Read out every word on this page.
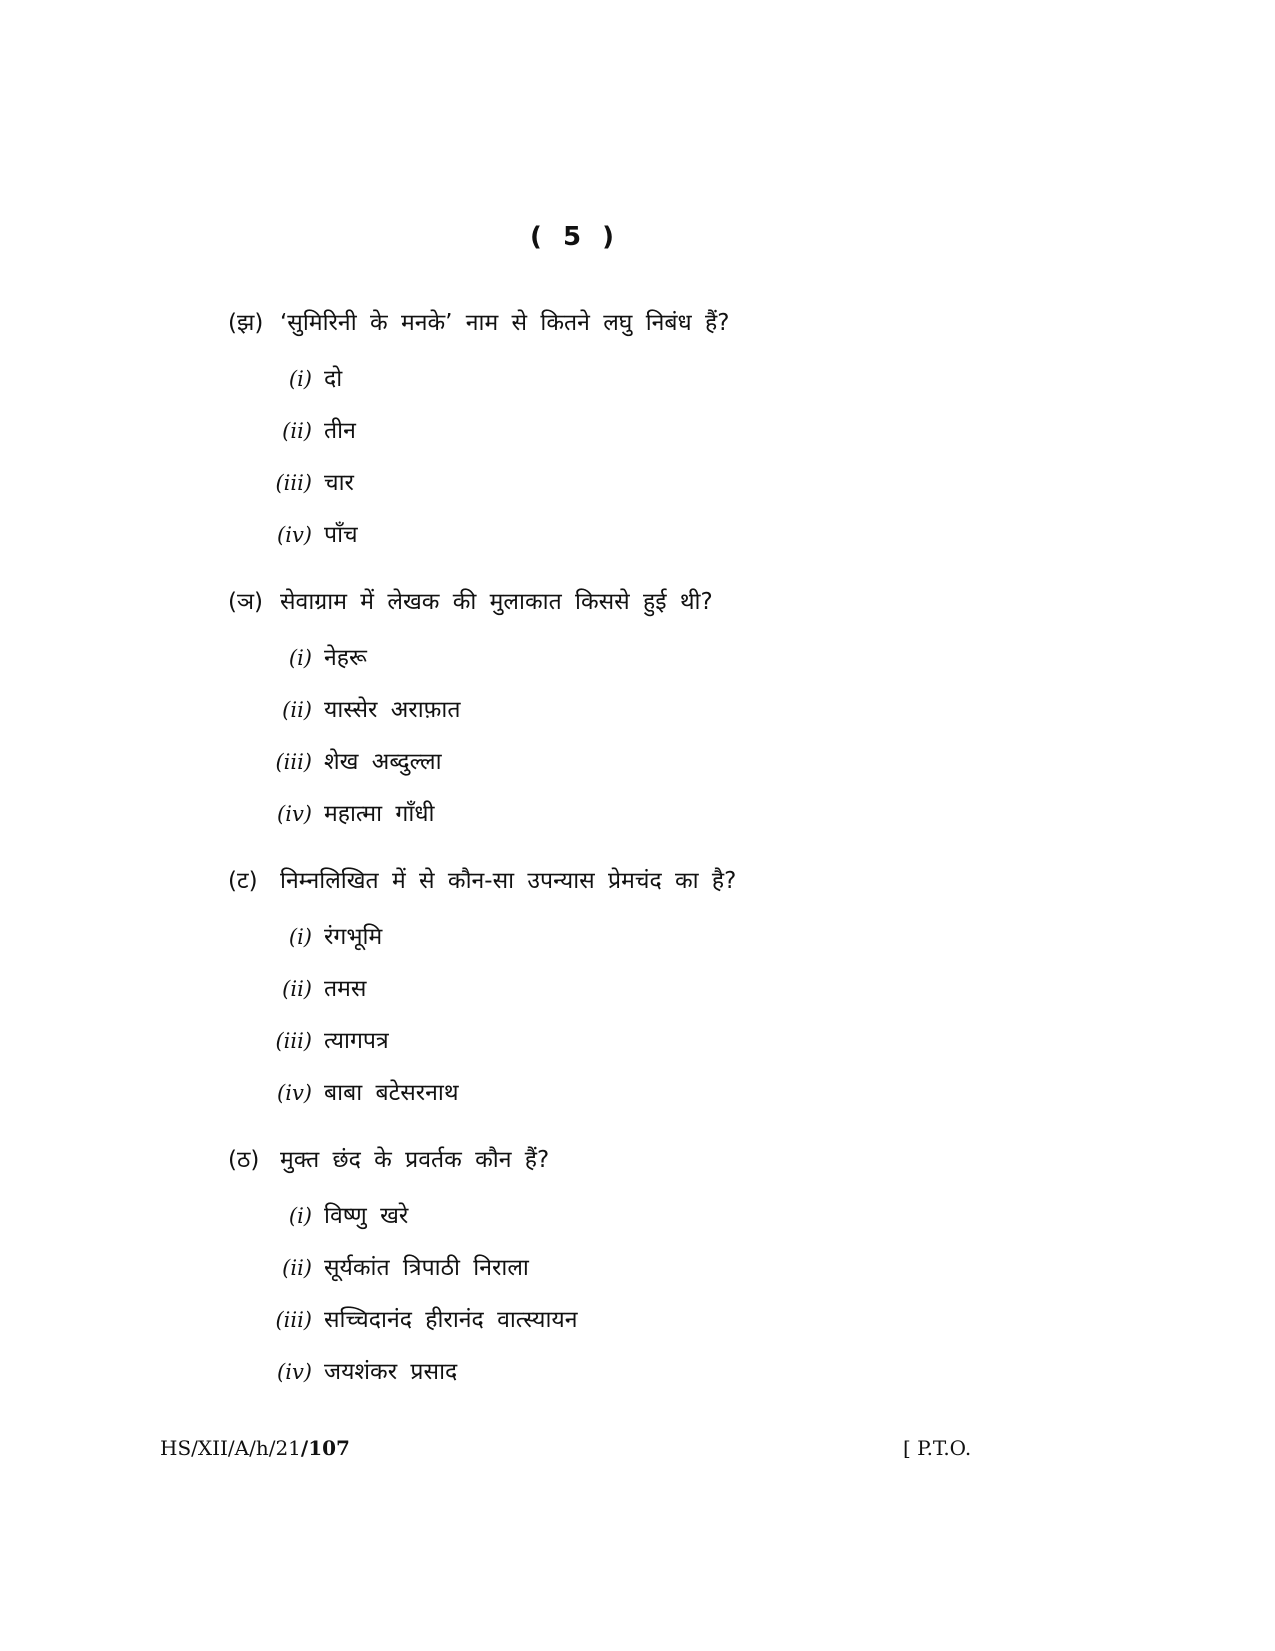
( 5 )
(झ) ‘सुमिरिनी के मनके’ नाम से कितने लघु निबंध हैं?
(i) दो
(ii) तीन
(iii) चार
(iv) पाँच
(ञ) सेवाग्राम में लेखक की मुलाकात किससे हुई थी?
(i) नेहरू
(ii) यास्सेर अराफ़ात
(iii) शेख अब्दुल्ला
(iv) महात्मा गाँधी
(ट) निम्नलिखित में से कौन-सा उपन्यास प्रेमचंद का है?
(i) रंगभूमि
(ii) तमस
(iii) त्यागपत्र
(iv) बाबा बटेसरनाथ
(ठ) मुक्त छंद के प्रवर्तक कौन हैं?
(i) विष्णु खरे
(ii) सूर्यकांत त्रिपाठी निराला
(iii) सच्चिदानंद हीरानंद वात्स्यायन
(iv) जयशंकर प्रसाद
HS/XII/A/h/21/107	[ P.T.O.
